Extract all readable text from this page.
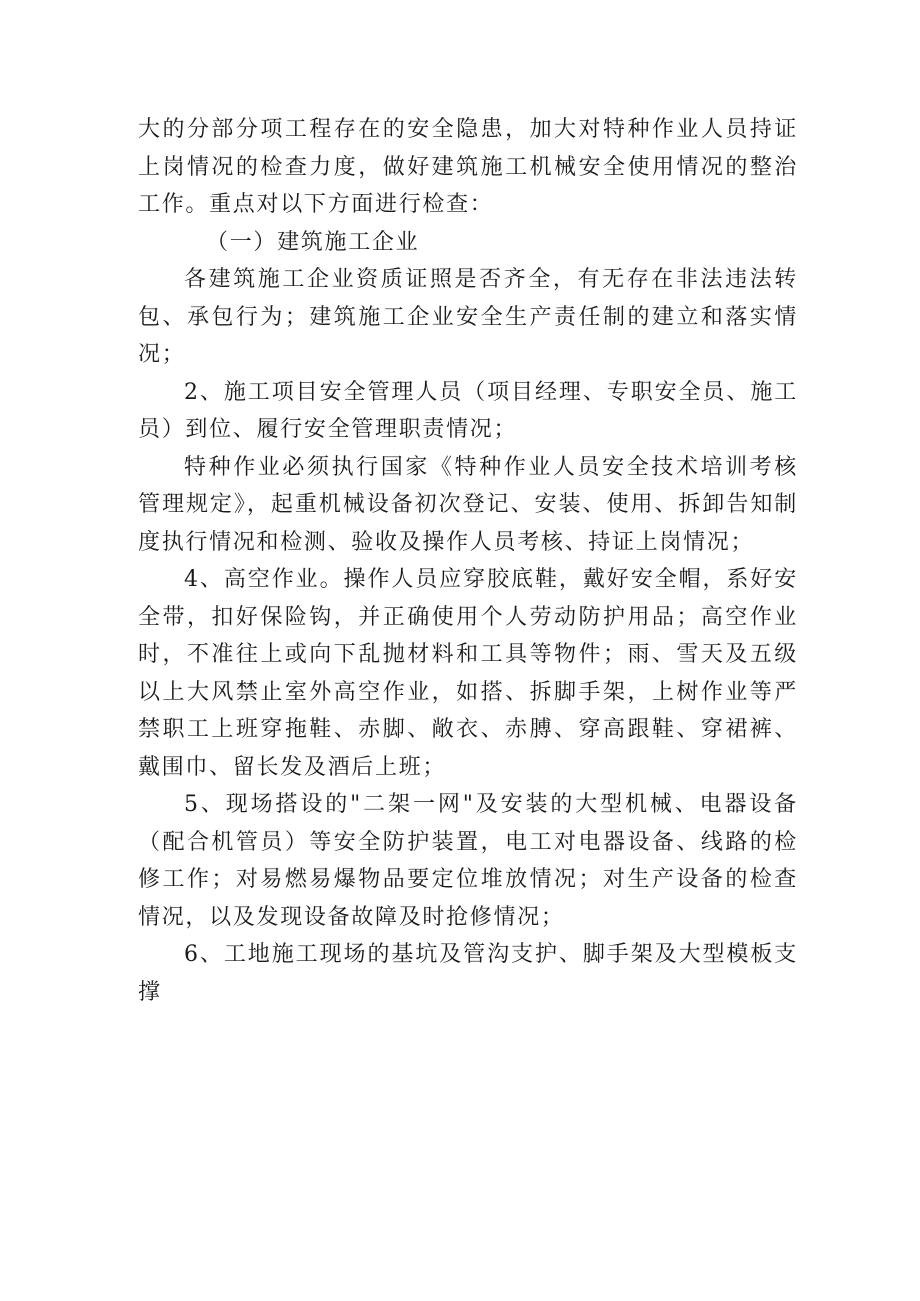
大的分部分项工程存在的安全隐患，加大对特种作业人员持证上岗情况的检查力度，做好建筑施工机械安全使用情况的整治工作。重点对以下方面进行检查：

（一）建筑施工企业

各建筑施工企业资质证照是否齐全，有无存在非法违法转包、承包行为；建筑施工企业安全生产责任制的建立和落实情况；

2、施工项目安全管理人员（项目经理、专职安全员、施工员）到位、履行安全管理职责情况；

特种作业必须执行国家《特种作业人员安全技术培训考核管理规定》，起重机械设备初次登记、安装、使用、拆卸告知制度执行情况和检测、验收及操作人员考核、持证上岗情况；

4、高空作业。操作人员应穿胶底鞋，戴好安全帽，系好安全带，扣好保险钩，并正确使用个人劳动防护用品；高空作业时，不准往上或向下乱抛材料和工具等物件；雨、雪天及五级以上大风禁止室外高空作业，如搭、拆脚手架，上树作业等严禁职工上班穿拖鞋、赤脚、敞衣、赤膊、穿高跟鞋、穿裙裤、戴围巾、留长发及酒后上班；

5、现场搭设的"二架一网"及安装的大型机械、电器设备（配合机管员）等安全防护装置，电工对电器设备、线路的检修工作；对易燃易爆物品要定位堆放情况；对生产设备的检查情况，以及发现设备故障及时抢修情况；

6、工地施工现场的基坑及管沟支护、脚手架及大型模板支撑
